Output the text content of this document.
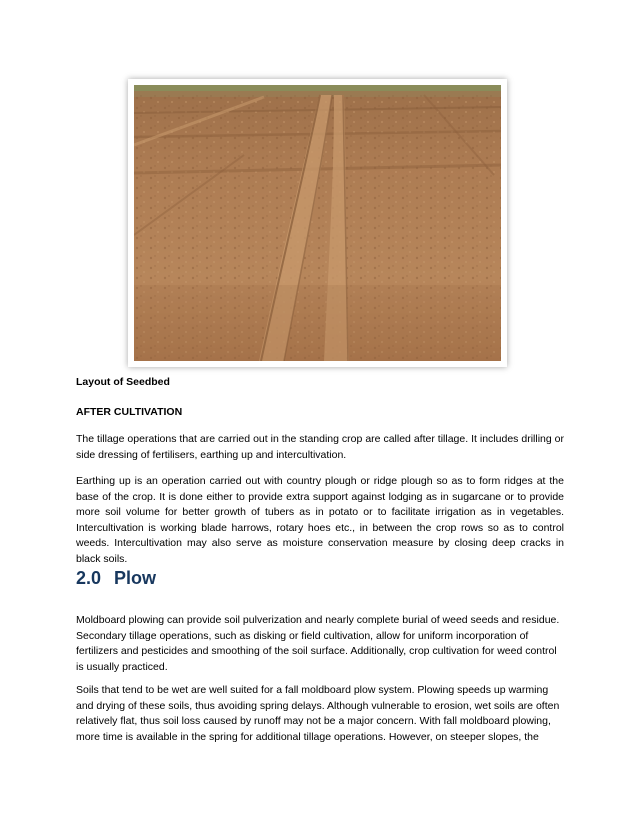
Layout of Seedbed
AFTER CULTIVATION

The tillage operations that are carried out in the standing crop are called after tillage. It includes drilling or side dressing of fertilisers, earthing up and intercultivation.

Earthing up is an operation carried out with country plough or ridge plough so as to form ridges at the base of the crop. It is done either to provide extra support against lodging as in sugarcane or to provide more soil volume for better growth of tubers as in potato or to facilitate irrigation as in vegetables. Intercultivation is working blade harrows, rotary hoes etc., in between the crop rows so as to control weeds. Intercultivation may also serve as moisture conservation measure by closing deep cracks in black soils.

2.0 Plow

Moldboard plowing can provide soil pulverization and nearly complete burial of weed seeds and residue. Secondary tillage operations, such as disking or field cultivation, allow for uniform incorporation of fertilizers and pesticides and smoothing of the soil surface. Additionally, crop cultivation for weed control is usually practiced.

Soils that tend to be wet are well suited for a fall moldboard plow system. Plowing speeds up warming and drying of these soils, thus avoiding spring delays. Although vulnerable to erosion, wet soils are often relatively flat, thus soil loss caused by runoff may not be a major concern. With fall moldboard plowing, more time is available in the spring for additional tillage operations. However, on steeper slopes, the
